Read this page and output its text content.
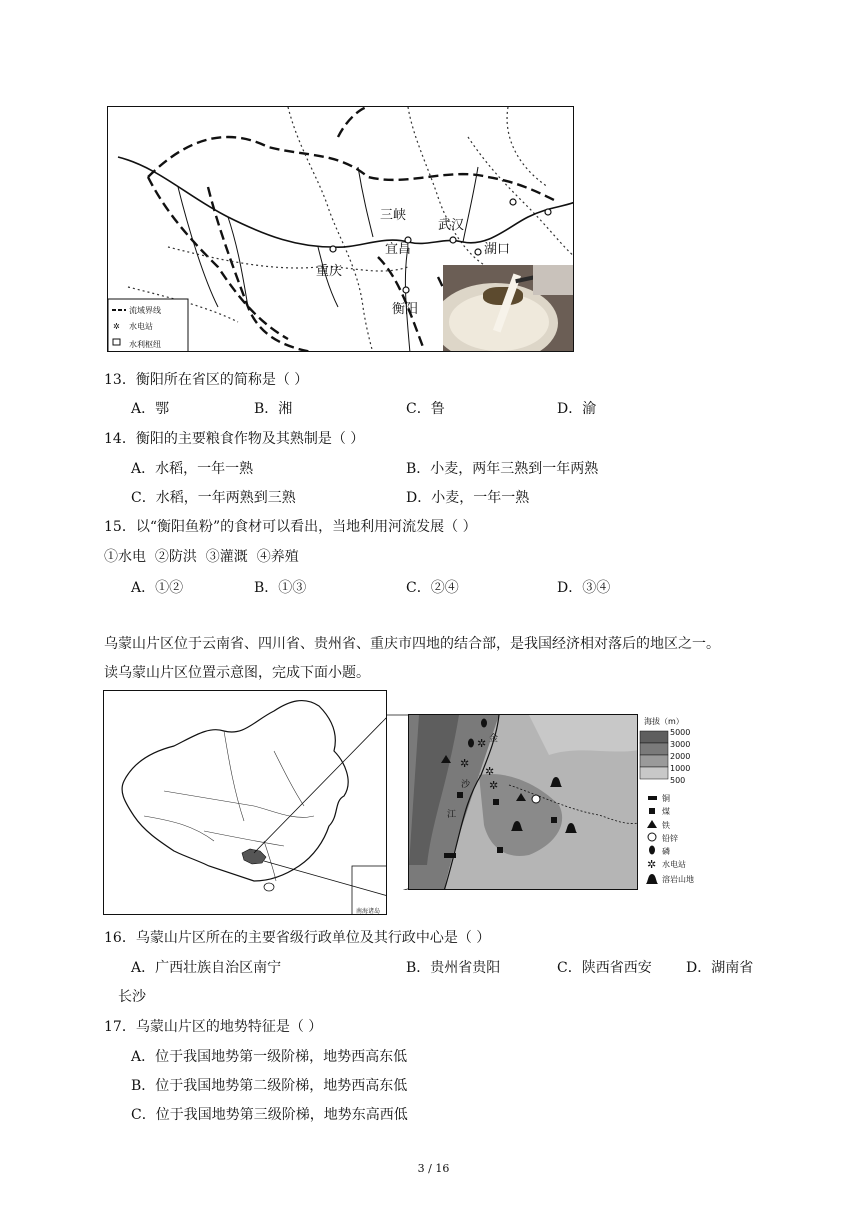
三峡
武汉
宜昌	湖口
重庆
衡阳
流域界线
✲ 水电站
水利枢纽
13．衡阳所在省区的简称是（ ）
A．鄂	B．湘	C．鲁	D．渝
14．衡阳的主要粮食作物及其熟制是（ ）
A．水稻，一年一熟	B．小麦，两年三熟到一年两熟
C．水稻，一年两熟到三熟	D．小麦，一年一熟
15．以“衡阳鱼粉”的食材可以看出，当地利用河流发展（ ）
①水电  ②防洪  ③灌溉  ④养殖
A．①②	B．①③	C．②④	D．③④
乌蒙山片区位于云南省、四川省、贵州省、重庆市四地的结合部，是我国经济相对落后的地区之一。
读乌蒙山片区位置示意图，完成下面小题。
南海诸岛
金
沙
江
✲
✲
✲
✲
海拔（m）
5000
3000
2000
1000
500
铜
煤
铁
铅锌
磷
✲ 水电站
溶岩山地
16．乌蒙山片区所在的主要省级行政单位及其行政中心是（ ）
A．广西壮族自治区南宁	B．贵州省贵阳	C．陕西省西安 D．湖南省
长沙
17．乌蒙山片区的地势特征是（ ）
A．位于我国地势第一级阶梯，地势西高东低
B．位于我国地势第二级阶梯，地势西高东低
C．位于我国地势第三级阶梯，地势东高西低
3 / 16
